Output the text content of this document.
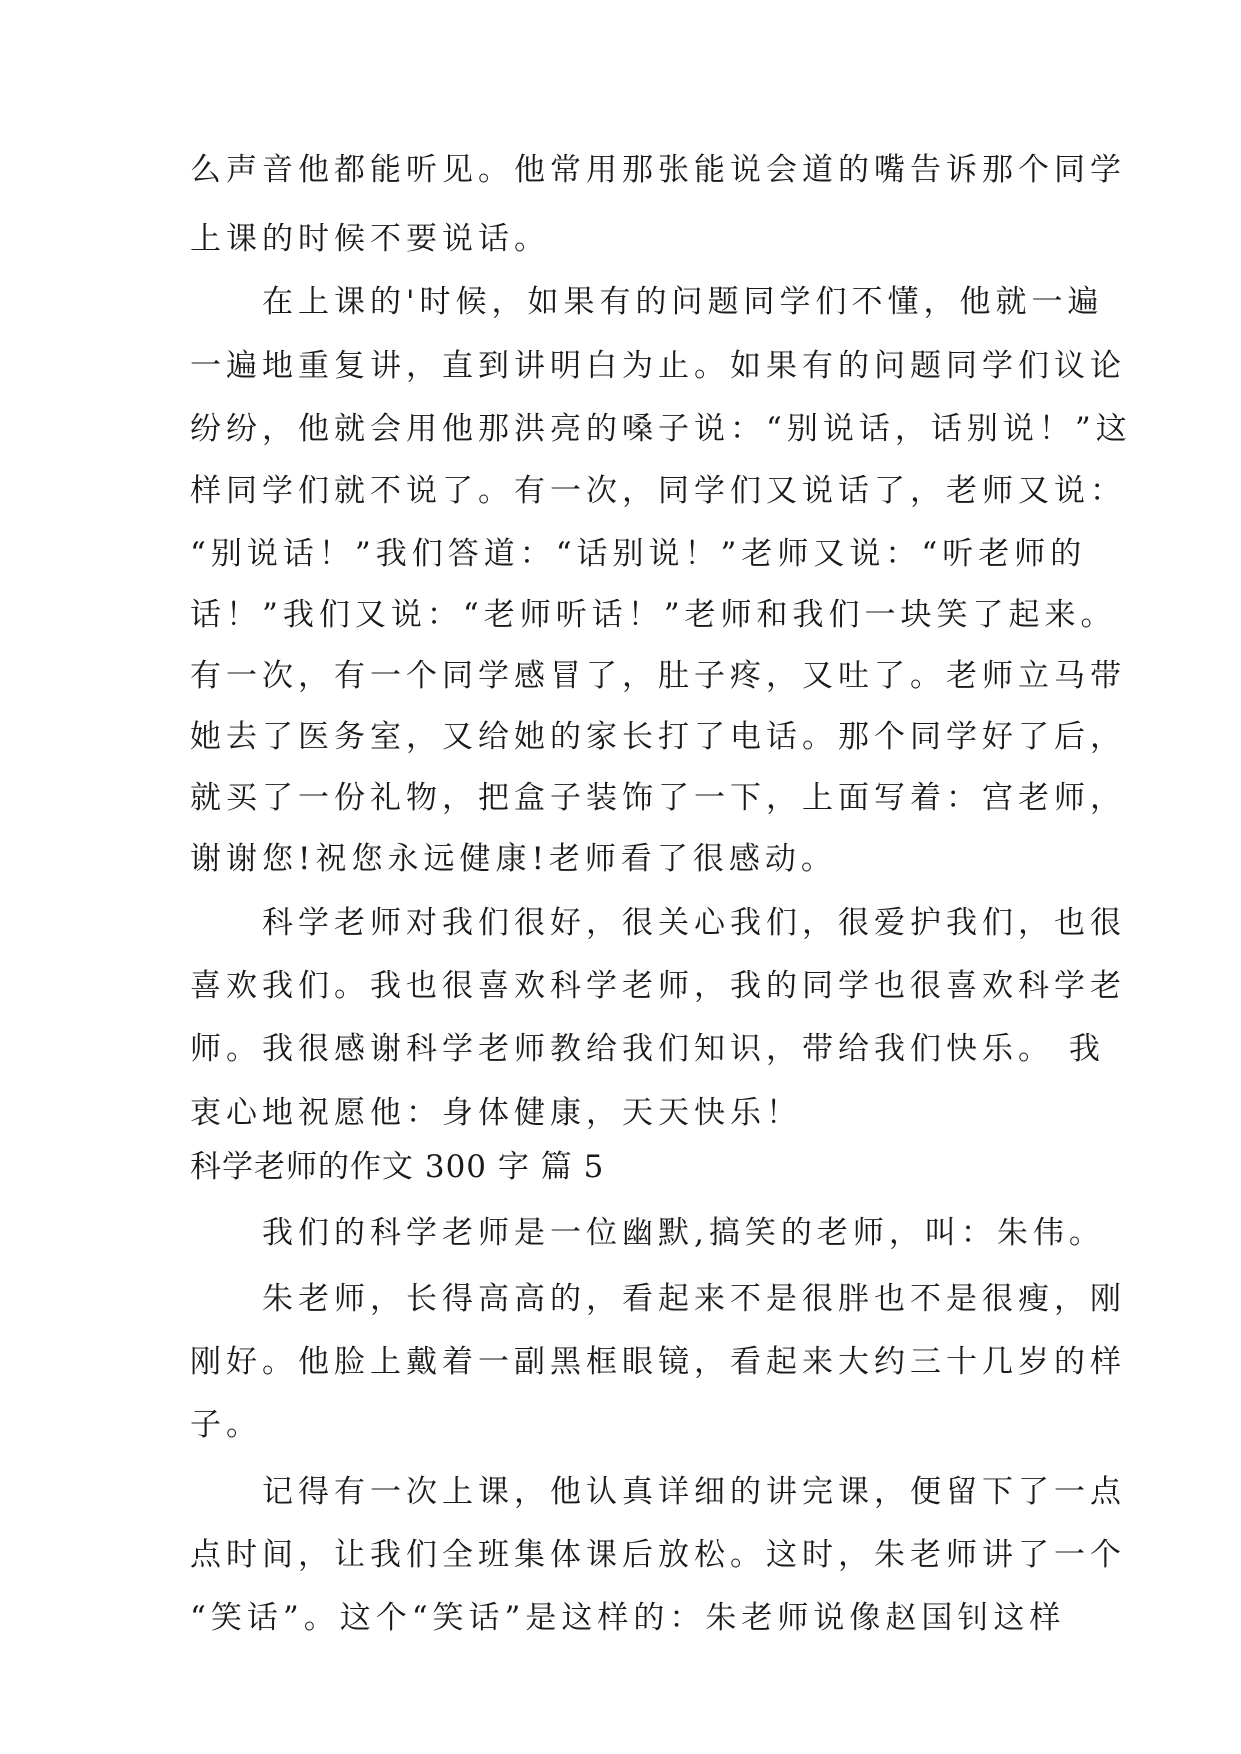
么声音他都能听见。他常用那张能说会道的嘴告诉那个同学
上课的时候不要说话。
　　在上课的'时候，如果有的问题同学们不懂，他就一遍
一遍地重复讲，直到讲明白为止。如果有的问题同学们议论
纷纷，他就会用他那洪亮的嗓子说：“别说话，话别说！”这
样同学们就不说了。有一次，同学们又说话了，老师又说：
“别说话！”我们答道：“话别说！”老师又说：“听老师的
话！”我们又说：“老师听话！”老师和我们一块笑了起来。
有一次，有一个同学感冒了，肚子疼，又吐了。老师立马带
她去了医务室，又给她的家长打了电话。那个同学好了后，
就买了一份礼物，把盒子装饰了一下，上面写着：宫老师，
谢谢您!祝您永远健康!老师看了很感动。
　　科学老师对我们很好，很关心我们，很爱护我们，也很
喜欢我们。我也很喜欢科学老师，我的同学也很喜欢科学老
师。我很感谢科学老师教给我们知识，带给我们快乐。 我
衷心地祝愿他：身体健康，天天快乐！
科学老师的作文 300 字 篇 5
　　我们的科学老师是一位幽默,搞笑的老师，叫：朱伟。
　　朱老师，长得高高的，看起来不是很胖也不是很瘦，刚
刚好。他脸上戴着一副黑框眼镜，看起来大约三十几岁的样
子。
　　记得有一次上课，他认真详细的讲完课，便留下了一点
点时间，让我们全班集体课后放松。这时，朱老师讲了一个
“笑话”。这个“笑话”是这样的：朱老师说像赵国钊这样
